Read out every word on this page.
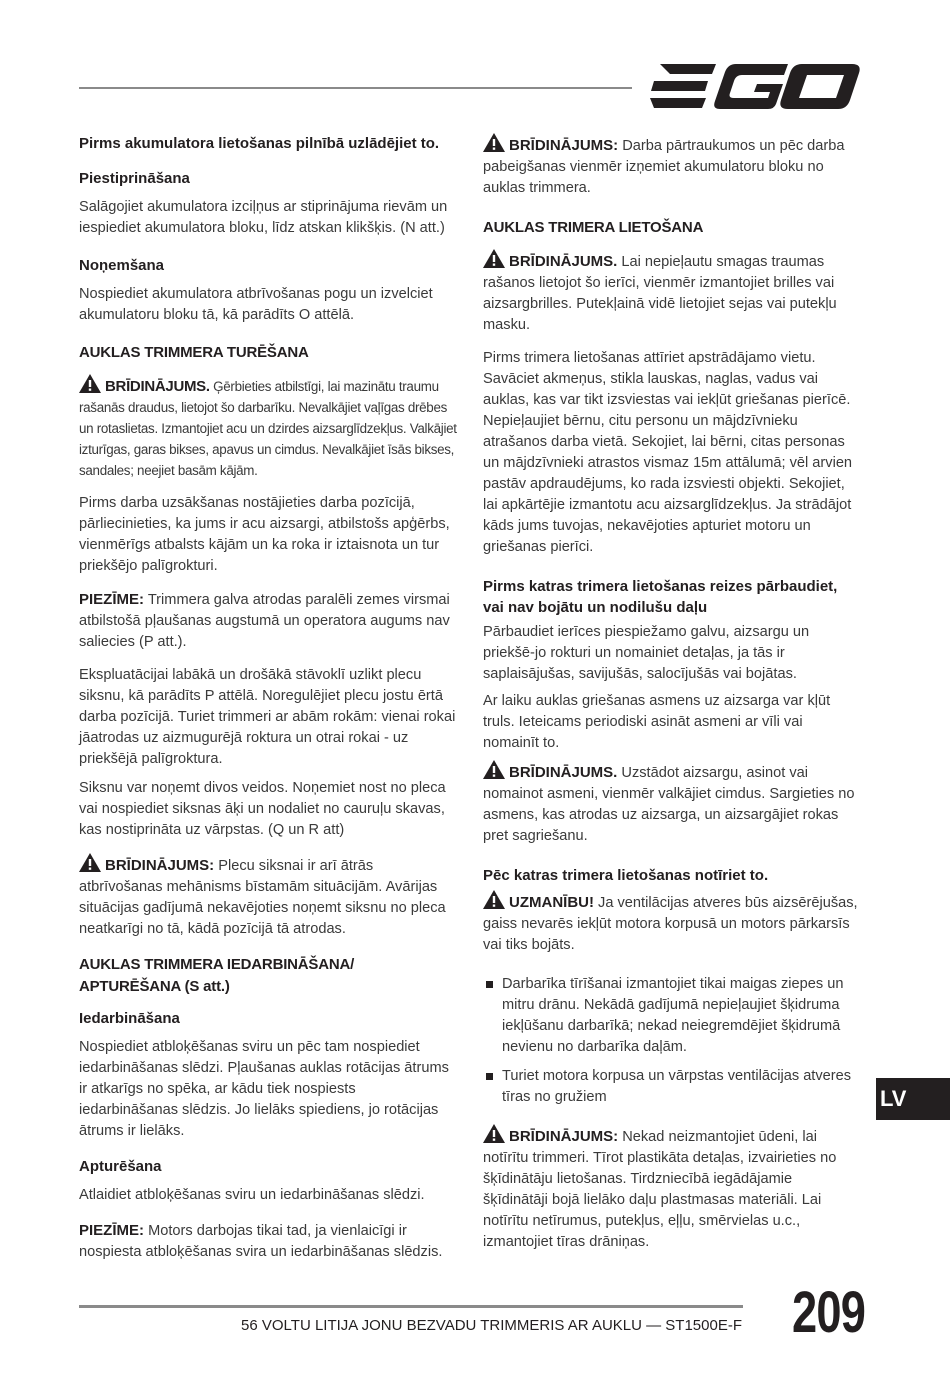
Pirms akumulatora lietošanas pilnībā uzlādējiet to.
Piestiprināšana

Salāgojiet akumulatora izciļņus ar stiprinājuma rievām un iespiediet akumulatora bloku, līdz atskan klikšķis. (N att.)

Noņemšana

Nospiediet akumulatora atbrīvošanas pogu un izvelciet akumulatoru bloku tā, kā parādīts O attēlā.

AUKLAS TRIMMERA TURĒŠANA

BRĪDINĀJUMS. Ģērbieties atbilstīgi, lai mazinātu traumu rašanās draudus, lietojot šo darbarīku. Nevalkājiet vaļīgas drēbes un rotaslietas. Izmantojiet acu un dzirdes aizsarglīdzekļus. Valkājiet izturīgas, garas bikses, apavus un cimdus. Nevalkājiet īsās bikses, sandales; neejiet basām kājām.

Pirms darba uzsākšanas nostājieties darba pozīcijā, pārliecinieties, ka jums ir acu aizsargi, atbilstošs apģērbs, vienmērīgs atbalsts kājām un ka roka ir iztaisnota un tur priekšējo palīgrokturi.

PIEZĪME: Trimmera galva atrodas paralēli zemes virsmai atbilstošā pļaušanas augstumā un operatora augums nav saliecies (P att.).

Ekspluatācijai labākā un drošākā stāvoklī uzlikt plecu siksnu, kā parādīts P attēlā. Noregulējiet plecu jostu ērtā darba pozīcijā. Turiet trimmeri ar abām rokām: vienai rokai jāatrodas uz aizmugurējā roktura un otrai rokai - uz priekšējā palīgroktura.

Siksnu var noņemt divos veidos. Noņemiet nost no pleca vai nospiediet siksnas āķi un nodaliet no cauruļu skavas, kas nostiprināta uz vārpstas. (Q un R att)

BRĪDINĀJUMS: Plecu siksnai ir arī ātrās atbrīvošanas mehānisms bīstamām situācijām. Avārijas situācijas gadījumā nekavējoties noņemt siksnu no pleca neatkarīgi no tā, kādā pozīcijā tā atrodas.

AUKLAS TRIMMERA IEDARBINĀŠANA/ APTURĒŠANA (S att.)
Iedarbināšana

Nospiediet atbloķēšanas sviru un pēc tam nospiediet iedarbināšanas slēdzi. Pļaušanas auklas rotācijas ātrums ir atkarīgs no spēka, ar kādu tiek nospiests iedarbināšanas slēdzis. Jo lielāks spiediens, jo rotācijas ātrums ir lielāks.

Apturēšana

Atlaidiet atbloķēšanas sviru un iedarbināšanas slēdzi.

PIEZĪME: Motors darbojas tikai tad, ja vienlaicīgi ir nospiesta atbloķēšanas svira un iedarbināšanas slēdzis.

BRĪDINĀJUMS: Darba pārtraukumos un pēc darba pabeigšanas vienmēr izņemiet akumulatoru bloku no auklas trimmera.

AUKLAS TRIMERA LIETOŠANA

BRĪDINĀJUMS. Lai nepieļautu smagas traumas rašanos lietojot šo ierīci, vienmēr izmantojiet brilles vai aizsargbrilles. Putekļainā vidē lietojiet sejas vai putekļu masku.

Pirms trimera lietošanas attīriet apstrādājamo vietu. Savāciet akmeņus, stikla lauskas, naglas, vadus vai auklas, kas var tikt izsviestas vai iekļūt griešanas pierīcē. Nepieļaujiet bērnu, citu personu un mājdzīvnieku atrašanos darba vietā. Sekojiet, lai bērni, citas personas un mājdzīvnieki atrastos vismaz 15m attālumā; vēl arvien pastāv apdraudējums, ko rada izsviesti objekti. Sekojiet, lai apkārtējie izmantotu acu aizsarglīdzekļus. Ja strādājot kāds jums tuvojas, nekavējoties apturiet motoru un griešanas pierīci.

Pirms katras trimera lietošanas reizes pārbaudiet, vai nav bojātu un nodilušu daļu

Pārbaudiet ierīces piespiežamo galvu, aizsargu un priekšē-jo rokturi un nomainiet detaļas, ja tās ir saplaisājušas, savijušās, salocījušās vai bojātas.

Ar laiku auklas griešanas asmens uz aizsarga var kļūt truls. Ieteicams periodiski asināt asmeni ar vīli vai nomainīt to.

BRĪDINĀJUMS. Uzstādot aizsargu, asinot vai nomainot asmeni, vienmēr valkājiet cimdus. Sargieties no asmens, kas atrodas uz aizsarga, un aizsargājiet rokas pret sagriešanu.

Pēc katras trimera lietošanas notīriet to.

UZMANĪBU! Ja ventilācijas atveres būs aizsērējušas, gaiss nevarēs iekļūt motora korpusā un motors pārkarsīs vai tiks bojāts.

Darbarīka tīrīšanai izmantojiet tikai maigas ziepes un mitru drānu. Nekādā gadījumā nepieļaujiet šķidruma iekļūšanu darbarīkā; nekad neiegremdējiet šķidrumā nevienu no darbarīka daļām.
Turiet motora korpusa un vārpstas ventilācijas atveres tīras no gružiem

BRĪDINĀJUMS: Nekad neizmantojiet ūdeni, lai notīrītu trimmeri. Tīrot plastikāta detaļas, izvairieties no šķīdinātāju lietošanas. Tirdzniecībā iegādājamie šķīdinātāji bojā lielāko daļu plastmasas materiāli. Lai notīrītu netīrumus, putekļus, eļļu, smērvielas u.c., izmantojiet tīras drāniņas.

LV
56 VOLTU LITIJA JONU BEZVADU TRIMMERIS AR AUKLU — ST1500E-F 209
